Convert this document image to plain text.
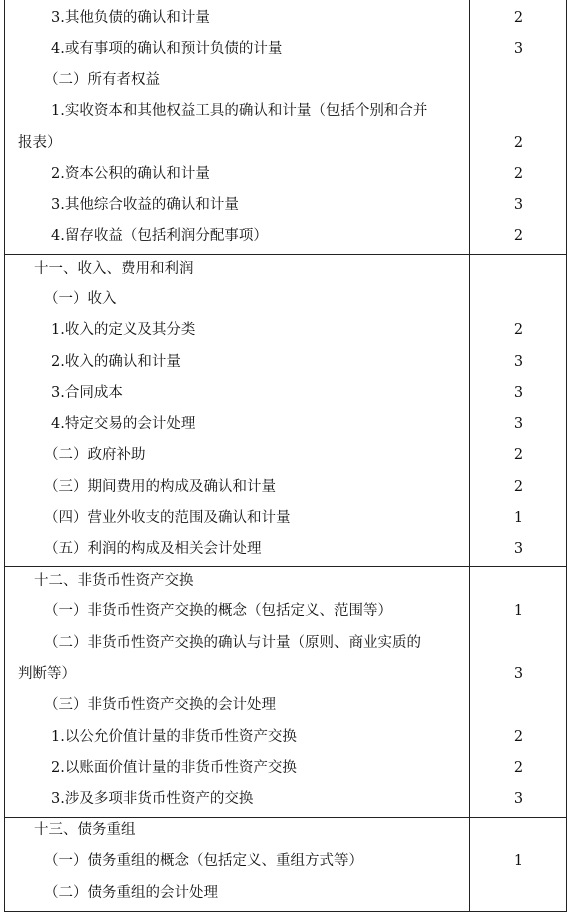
3.其他负债的确认和计量	2
4.或有事项的确认和预计负债的计量	3
（二）所有者权益
1.实收资本和其他权益工具的确认和计量（包括个别和合并
报表）	2
2.资本公积的确认和计量	2
3.其他综合收益的确认和计量	3
4.留存收益（包括利润分配事项）	2
十一、收入、费用和利润
（一）收入
1.收入的定义及其分类	2
2.收入的确认和计量	3
3.合同成本	3
4.特定交易的会计处理	3
（二）政府补助	2
（三）期间费用的构成及确认和计量	2
（四）营业外收支的范围及确认和计量	1
（五）利润的构成及相关会计处理	3
十二、非货币性资产交换
（一）非货币性资产交换的概念（包括定义、范围等）	1
（二）非货币性资产交换的确认与计量（原则、商业实质的
判断等）	3
（三）非货币性资产交换的会计处理
1.以公允价值计量的非货币性资产交换	2
2.以账面价值计量的非货币性资产交换	2
3.涉及多项非货币性资产的交换	3
十三、债务重组
（一）债务重组的概念（包括定义、重组方式等）	1
（二）债务重组的会计处理
